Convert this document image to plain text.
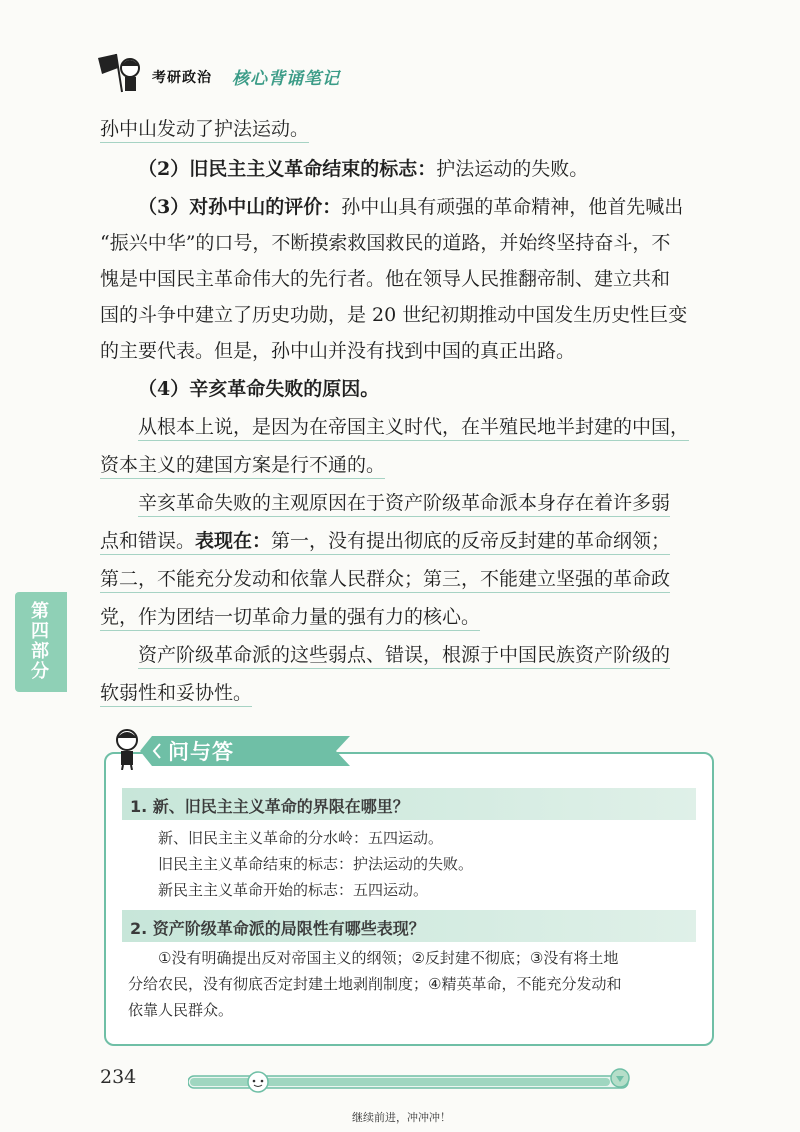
考研政治 核心背诵笔记
孙中山发动了护法运动。
（2）旧民主主义革命结束的标志：护法运动的失败。
（3）对孙中山的评价：孙中山具有顽强的革命精神，他首先喊出
“振兴中华”的口号，不断摸索救国救民的道路，并始终坚持奋斗，不
愧是中国民主革命伟大的先行者。他在领导人民推翻帝制、建立共和
国的斗争中建立了历史功勋，是 20 世纪初期推动中国发生历史性巨变
的主要代表。但是，孙中山并没有找到中国的真正出路。
（4）辛亥革命失败的原因。
从根本上说，是因为在帝国主义时代，在半殖民地半封建的中国，
资本主义的建国方案是行不通的。
辛亥革命失败的主观原因在于资产阶级革命派本身存在着许多弱
点和错误。表现在：第一，没有提出彻底的反帝反封建的革命纲领；
第二，不能充分发动和依靠人民群众；第三，不能建立坚强的革命政
党，作为团结一切革命力量的强有力的核心。
资产阶级革命派的这些弱点、错误，根源于中国民族资产阶级的
软弱性和妥协性。
第四部分
问与答
1. 新、旧民主主义革命的界限在哪里？
新、旧民主主义革命的分水岭：五四运动。
旧民主主义革命结束的标志：护法运动的失败。
新民主主义革命开始的标志：五四运动。
2. 资产阶级革命派的局限性有哪些表现？
①没有明确提出反对帝国主义的纲领；②反封建不彻底；③没有将土地
分给农民，没有彻底否定封建土地剥削制度；④精英革命，不能充分发动和
依靠人民群众。
234
继续前进，冲冲冲！
